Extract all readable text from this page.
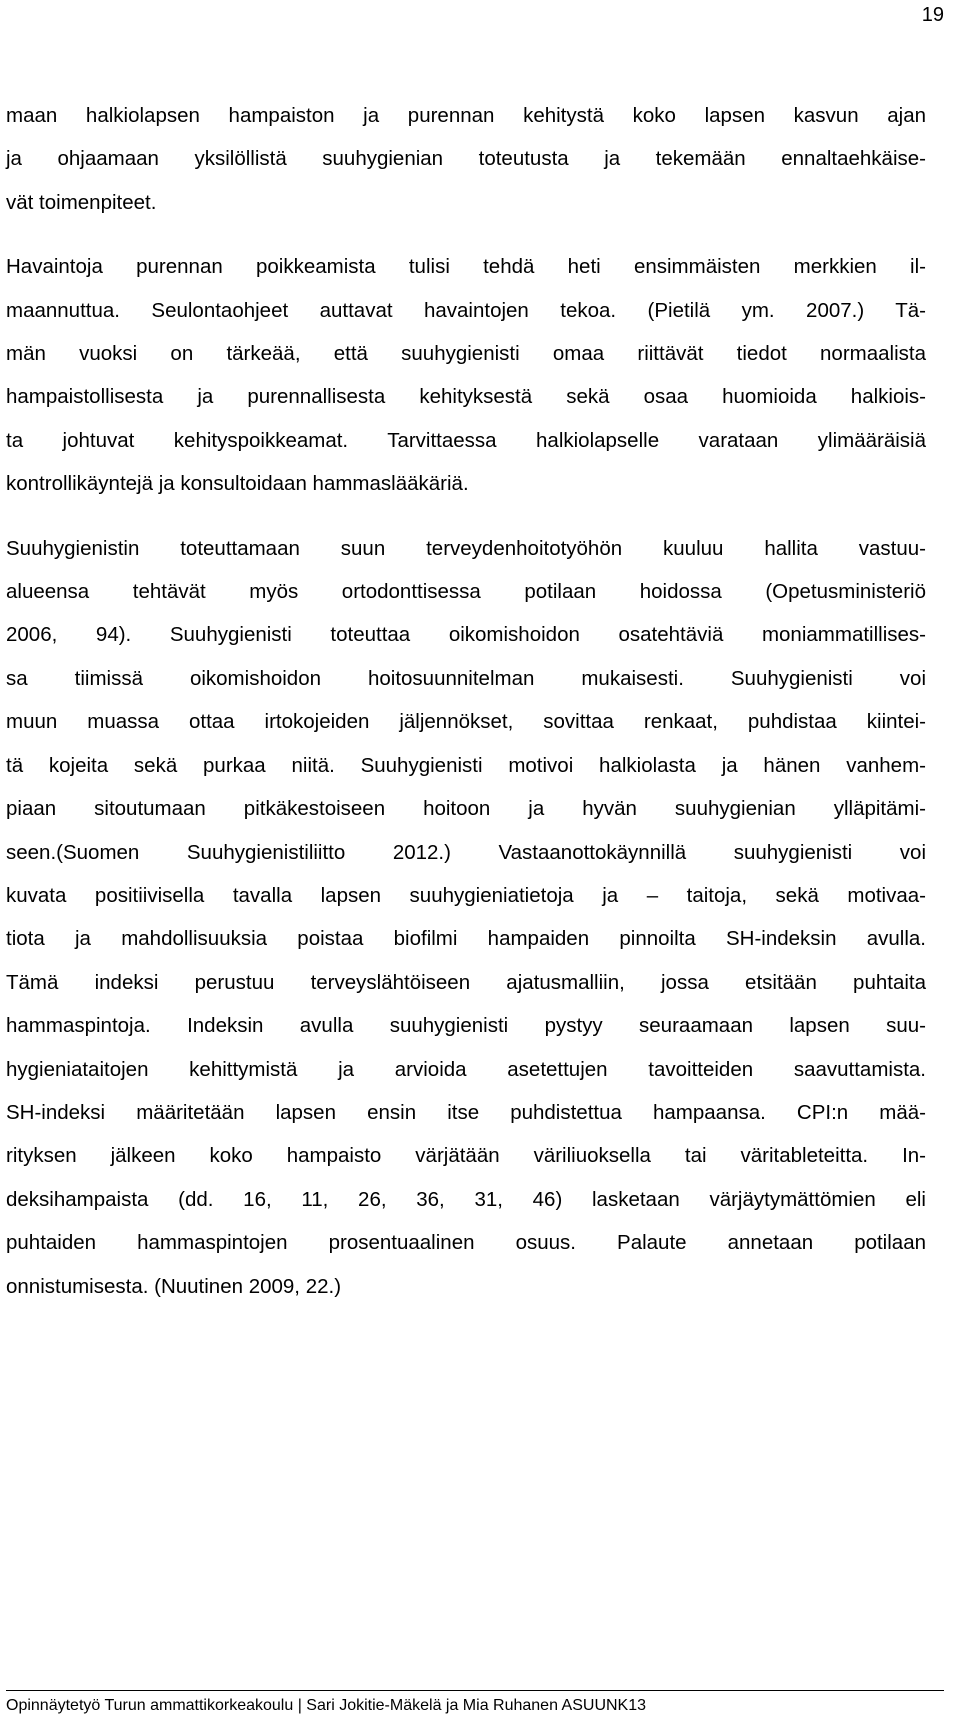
19

maan halkiolapsen hampaiston ja purennan kehitystä koko lapsen kasvun ajan
ja ohjaamaan yksilöllistä suuhygienian toteutusta ja tekemään ennaltaehkäise-
vät toimenpiteet.

Havaintoja purennan poikkeamista tulisi tehdä heti ensimmäisten merkkien il-
maannuttua. Seulontaohjeet auttavat havaintojen tekoa. (Pietilä ym. 2007.) Tä-
män vuoksi on tärkeää, että suuhygienisti omaa riittävät tiedot normaalista
hampaistollisesta ja purennallisesta kehityksestä sekä osaa huomioida halkiois-
ta johtuvat kehityspoikkeamat. Tarvittaessa halkiolapselle varataan ylimääräisiä
kontrollikäyntejä ja konsultoidaan hammaslääkäriä.

Suuhygienistin toteuttamaan suun terveydenhoitotyöhön kuuluu hallita vastuu-
alueensa tehtävät myös ortodonttisessa potilaan hoidossa (Opetusministeriö
2006, 94). Suuhygienisti toteuttaa oikomishoidon osatehtäviä moniammatillises-
sa tiimissä oikomishoidon hoitosuunnitelman mukaisesti. Suuhygienisti voi
muun muassa ottaa irtokojeiden jäljennökset, sovittaa renkaat, puhdistaa kiintei-
tä kojeita sekä purkaa niitä. Suuhygienisti motivoi halkiolasta ja hänen vanhem-
piaan sitoutumaan pitkäkestoiseen hoitoon ja hyvän suuhygienian ylläpitämi-
seen.(Suomen Suuhygienistiliitto 2012.) Vastaanottokäynnillä suuhygienisti voi
kuvata positiivisella tavalla lapsen suuhygieniatietoja ja – taitoja, sekä motivaa-
tiota ja mahdollisuuksia poistaa biofilmi hampaiden pinnoilta SH-indeksin avulla.
Tämä indeksi perustuu terveyslähtöiseen ajatusmalliin, jossa etsitään puhtaita
hammaspintoja. Indeksin avulla suuhygienisti pystyy seuraamaan lapsen suu-
hygieniataitojen kehittymistä ja arvioida asetettujen tavoitteiden saavuttamista.
SH-indeksi määritetään lapsen ensin itse puhdistettua hampaansa. CPI:n mää-
rityksen jälkeen koko hampaisto värjätään väriliuoksella tai väritableteitta. In-
deksihampaista (dd. 16, 11, 26, 36, 31, 46) lasketaan värjäytymättömien eli
puhtaiden hammaspintojen prosentuaalinen osuus. Palaute annetaan potilaan
onnistumisesta. (Nuutinen 2009, 22.)

Opinnäytetyö Turun ammattikorkeakoulu | Sari Jokitie-Mäkelä ja Mia Ruhanen ASUUNK13
